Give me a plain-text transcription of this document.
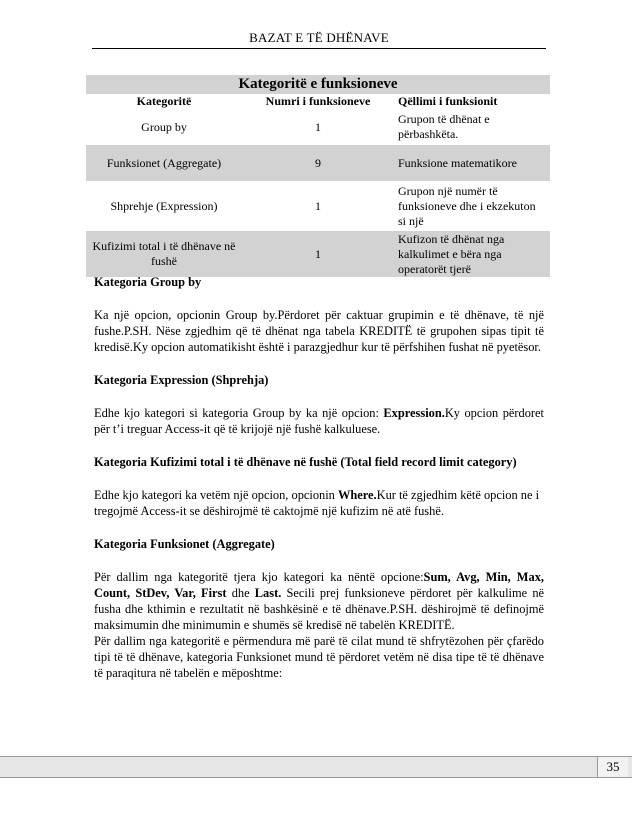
BAZAT E TË DHËNAVE
Kategoritë e funksioneve		
Kategoritë	Numri i funksioneve	Qëllimi i funksionit
Group by	1	Grupon të dhënat e përbashkëta.
Funksionet (Aggregate)	9	Funksione matematikore
Shprehje (Expression)	1	Grupon një numër të funksioneve dhe i ekzekuton si një
Kufizimi total i të dhënave në fushë	1	Kufizon të dhënat nga kalkulimet e bëra nga operatorët tjerë
Kategoria Group by

Ka një opcion, opcionin Group by.Përdoret për caktuar grupimin e të dhënave, të një fushe.P.SH. Nëse zgjedhim që të dhënat nga tabela KREDITË të grupohen sipas tipit të kredisë.Ky opcion automatikisht është i parazgjedhur kur të përfshihen fushat në pyetësor.

Kategoria Expression (Shprehja)

Edhe kjo kategori si kategoria Group by ka një opcion: Expression.Ky opcion përdoret për t’i treguar Access-it që të krijojë një fushë kalkuluese.

Kategoria Kufizimi total i të dhënave në fushë (Total field record limit category)

Edhe kjo kategori ka vetëm një opcion, opcionin Where.Kur të zgjedhim këtë opcion ne i tregojmë Access-it se dëshirojmë të caktojmë një kufizim në atë fushë.

Kategoria Funksionet (Aggregate)

Për dallim nga kategoritë tjera kjo kategori ka nëntë opcione:Sum, Avg, Min, Max, Count, StDev, Var, First dhe Last. Secili prej funksioneve përdoret për kalkulime në fusha dhe kthimin e rezultatit në bashkësinë e të dhënave.P.SH. dëshirojmë të definojmë maksimumin dhe minimumin e shumës së kredisë në tabelën KREDITË.

Për dallim nga kategoritë e përmendura më parë të cilat mund të shfrytëzohen për çfarëdo tipi të të dhënave, kategoria Funksionet mund të përdoret vetëm në disa tipe të të dhënave të paraqitura në tabelën e mëposhtme:

35
